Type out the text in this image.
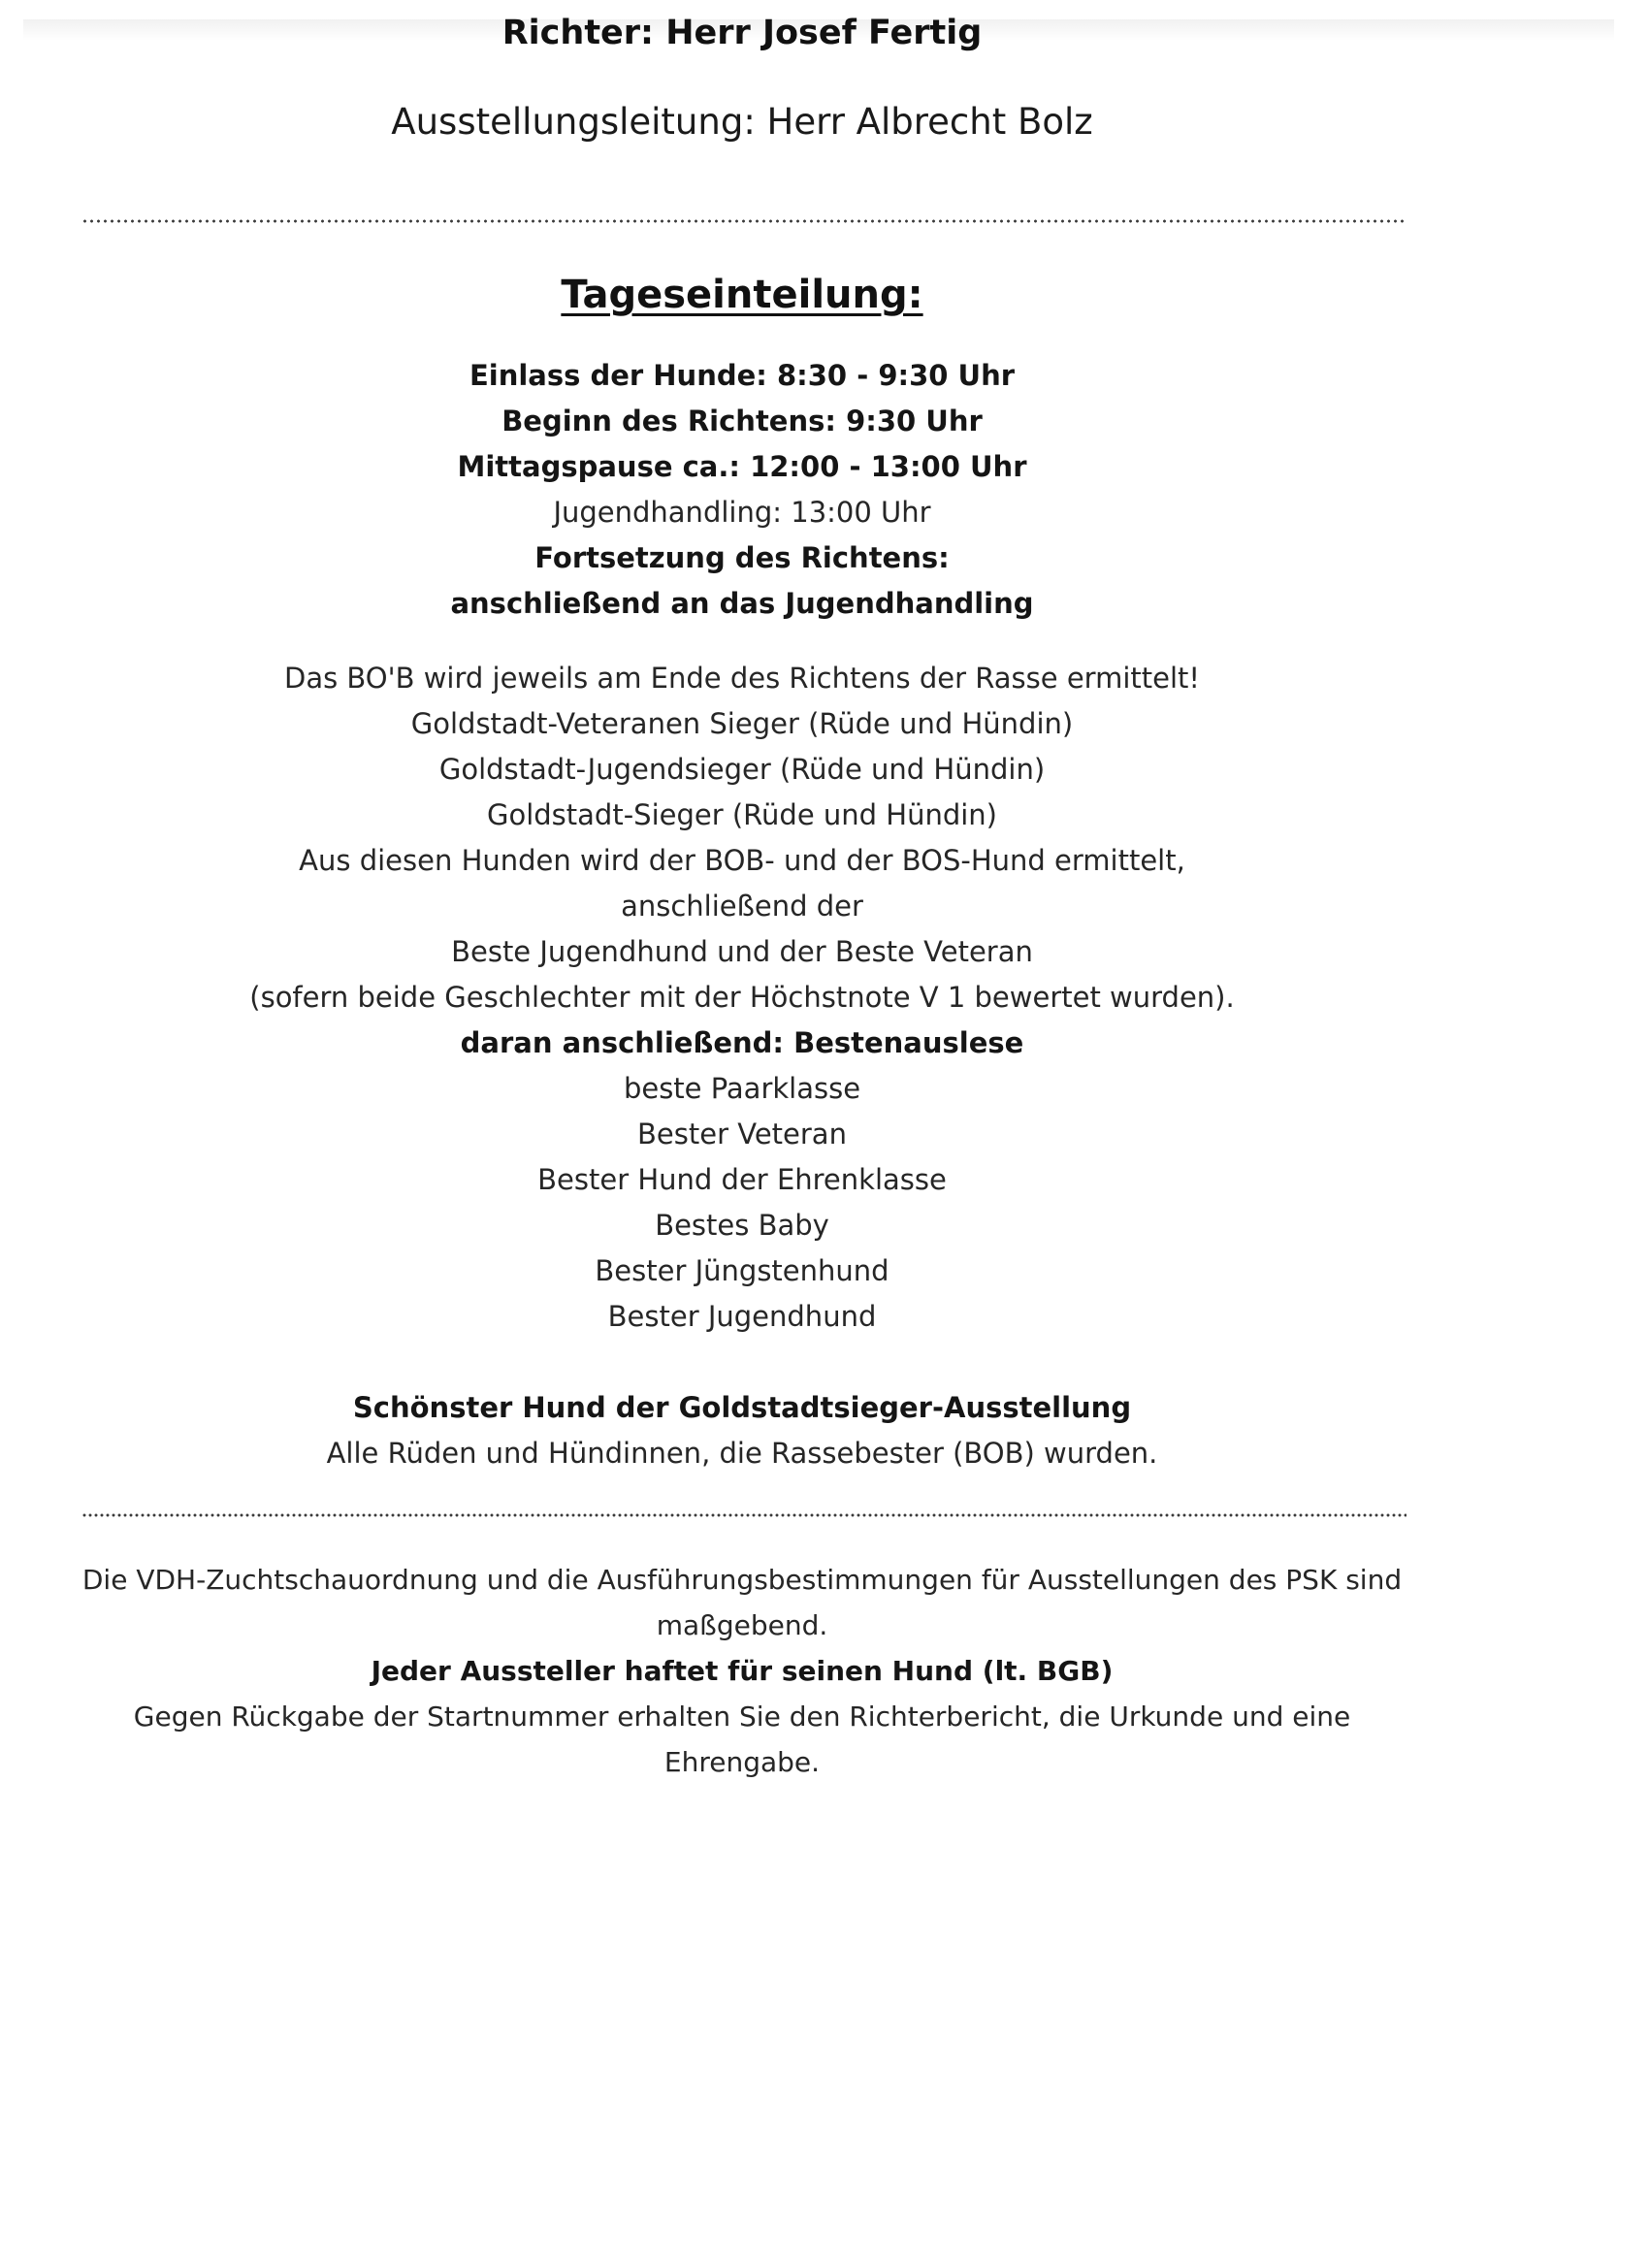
Richter: Herr Josef Fertig
Ausstellungsleitung: Herr Albrecht Bolz
Tageseinteilung:
Einlass der Hunde: 8:30 - 9:30 Uhr
Beginn des Richtens: 9:30 Uhr
Mittagspause ca.: 12:00 - 13:00 Uhr
Jugendhandling: 13:00 Uhr
Fortsetzung des Richtens:
anschließend an das Jugendhandling
Das BO'B wird jeweils am Ende des Richtens der Rasse ermittelt!
Goldstadt-Veteranen Sieger (Rüde und Hündin)
Goldstadt-Jugendsieger (Rüde und Hündin)
Goldstadt-Sieger (Rüde und Hündin)
Aus diesen Hunden wird der BOB- und der BOS-Hund ermittelt,
anschließend der
Beste Jugendhund und der Beste Veteran
(sofern beide Geschlechter mit der Höchstnote V 1 bewertet wurden).
daran anschließend: Bestenauslese
beste Paarklasse
Bester Veteran
Bester Hund der Ehrenklasse
Bestes Baby
Bester Jüngstenhund
Bester Jugendhund
Schönster Hund der Goldstadtsieger-Ausstellung
Alle Rüden und Hündinnen, die Rassebester (BOB) wurden.
Die VDH-Zuchtschauordnung und die Ausführungsbestimmungen für Ausstellungen des PSK sind
maßgebend.
Jeder Aussteller haftet für seinen Hund (lt. BGB)
Gegen Rückgabe der Startnummer erhalten Sie den Richterbericht, die Urkunde und eine
Ehrengabe.
